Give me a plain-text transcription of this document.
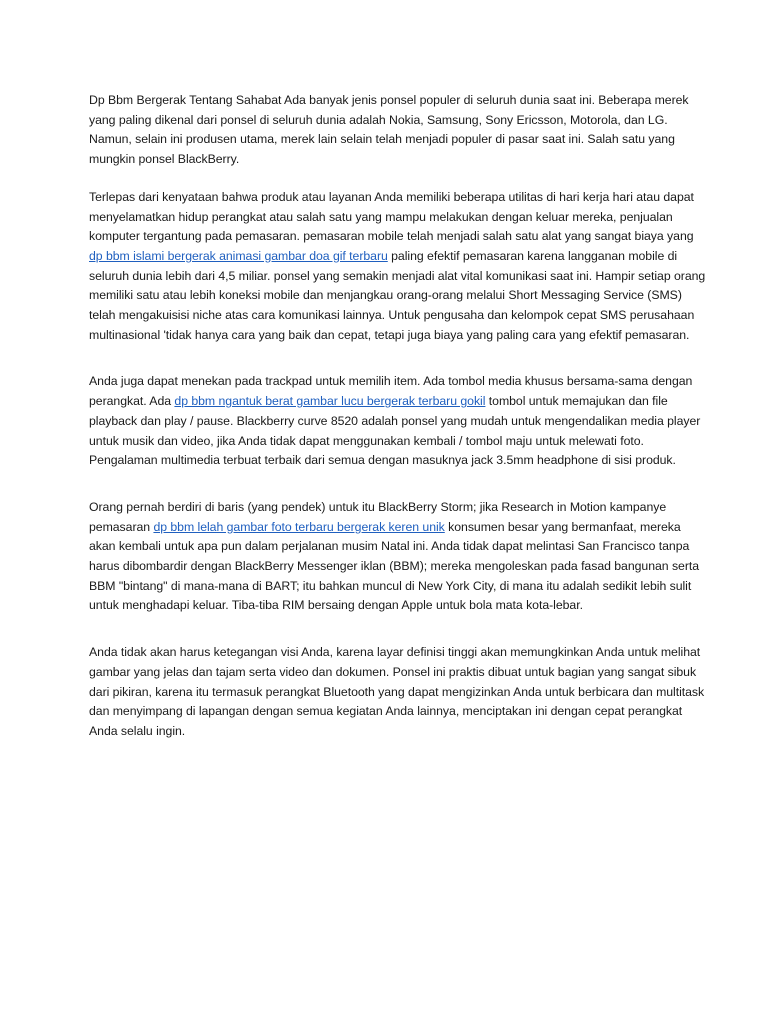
Dp Bbm Bergerak Tentang Sahabat Ada banyak jenis ponsel populer di seluruh dunia saat ini. Beberapa merek yang paling dikenal dari ponsel di seluruh dunia adalah Nokia, Samsung, Sony Ericsson, Motorola, dan LG. Namun, selain ini produsen utama, merek lain selain telah menjadi populer di pasar saat ini. Salah satu yang mungkin ponsel BlackBerry.

Terlepas dari kenyataan bahwa produk atau layanan Anda memiliki beberapa utilitas di hari kerja hari atau dapat menyelamatkan hidup perangkat atau salah satu yang mampu melakukan dengan keluar mereka, penjualan komputer tergantung pada pemasaran. pemasaran mobile telah menjadi salah satu alat yang sangat biaya yang dp bbm islami bergerak animasi gambar doa gif terbaru paling efektif pemasaran karena langganan mobile di seluruh dunia lebih dari 4,5 miliar. ponsel yang semakin menjadi alat vital komunikasi saat ini. Hampir setiap orang memiliki satu atau lebih koneksi mobile dan menjangkau orang-orang melalui Short Messaging Service (SMS) telah mengakuisisi niche atas cara komunikasi lainnya. Untuk pengusaha dan kelompok cepat SMS perusahaan multinasional 'tidak hanya cara yang baik dan cepat, tetapi juga biaya yang paling cara yang efektif pemasaran.

Anda juga dapat menekan pada trackpad untuk memilih item. Ada tombol media khusus bersama-sama dengan perangkat. Ada dp bbm ngantuk berat gambar lucu bergerak terbaru gokil tombol untuk memajukan dan file playback dan play / pause. Blackberry curve 8520 adalah ponsel yang mudah untuk mengendalikan media player untuk musik dan video, jika Anda tidak dapat menggunakan kembali / tombol maju untuk melewati foto. Pengalaman multimedia terbuat terbaik dari semua dengan masuknya jack 3.5mm headphone di sisi produk.

Orang pernah berdiri di baris (yang pendek) untuk itu BlackBerry Storm; jika Research in Motion kampanye pemasaran dp bbm lelah gambar foto terbaru bergerak keren unik konsumen besar yang bermanfaat, mereka akan kembali untuk apa pun dalam perjalanan musim Natal ini. Anda tidak dapat melintasi San Francisco tanpa harus dibombardir dengan BlackBerry Messenger iklan (BBM); mereka mengoleskan pada fasad bangunan serta BBM "bintang" di mana-mana di BART; itu bahkan muncul di New York City, di mana itu adalah sedikit lebih sulit untuk menghadapi keluar. Tiba-tiba RIM bersaing dengan Apple untuk bola mata kota-lebar.

Anda tidak akan harus ketegangan visi Anda, karena layar definisi tinggi akan memungkinkan Anda untuk melihat gambar yang jelas dan tajam serta video dan dokumen. Ponsel ini praktis dibuat untuk bagian yang sangat sibuk dari pikiran, karena itu termasuk perangkat Bluetooth yang dapat mengizinkan Anda untuk berbicara dan multitask dan menyimpang di lapangan dengan semua kegiatan Anda lainnya, menciptakan ini dengan cepat perangkat Anda selalu ingin.
